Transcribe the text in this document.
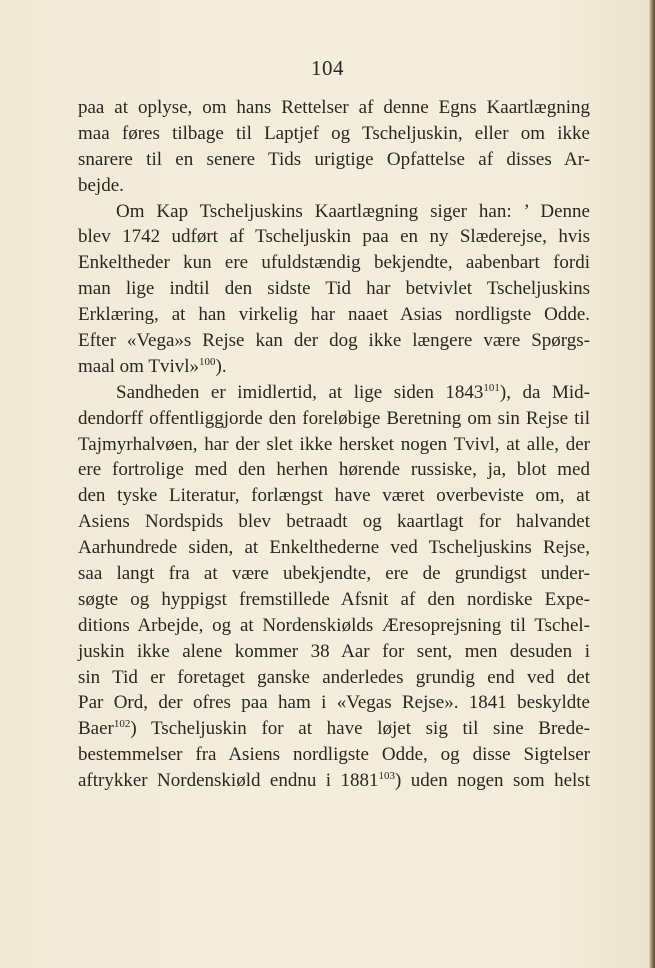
104
paa at oplyse, om hans Rettelser af denne Egns Kaartlægning
maa føres tilbage til Laptjef og Tscheljuskin, eller om ikke
snarere til en senere Tids urigtige Opfattelse af disses Ar-
bejde.
Om Kap Tscheljuskins Kaartlægning siger han: ’ Denne
blev 1742 udført af Tscheljuskin paa en ny Slæderejse, hvis
Enkeltheder kun ere ufuldstændig bekjendte, aabenbart fordi
man lige indtil den sidste Tid har betvivlet Tscheljuskins
Erklæring, at han virkelig har naaet Asias nordligste Odde.
Efter «Vega»s Rejse kan der dog ikke længere være Spørgs-
maal om Tvivl»$^{100}$).
Sandheden er imidlertid, at lige siden 1843$^{101}$), da Mid-
dendorff offentliggjorde den foreløbige Beretning om sin Rejse til
Tajmyrhalvøen, har der slet ikke hersket nogen Tvivl, at alle, der
ere fortrolige med den herhen hørende russiske, ja, blot med
den tyske Literatur, forlængst have været overbeviste om, at
Asiens Nordspids blev betraadt og kaartlagt for halvandet
Aarhundrede siden, at Enkelthederne ved Tscheljuskins Rejse,
saa langt fra at være ubekjendte, ere de grundigst under-
søgte og hyppigst fremstillede Afsnit af den nordiske Expe-
ditions Arbejde, og at Nordenskiølds Æresoprejsning til Tschel-
juskin ikke alene kommer 38 Aar for sent, men desuden i
sin Tid er foretaget ganske anderledes grundig end ved det
Par Ord, der ofres paa ham i «Vegas Rejse». 1841 beskyldte
Baer$^{102}$) Tscheljuskin for at have løjet sig til sine Brede-
bestemmelser fra Asiens nordligste Odde, og disse Sigtelser
aftrykker Nordenskiøld endnu i 1881$^{103}$) uden nogen som helst
